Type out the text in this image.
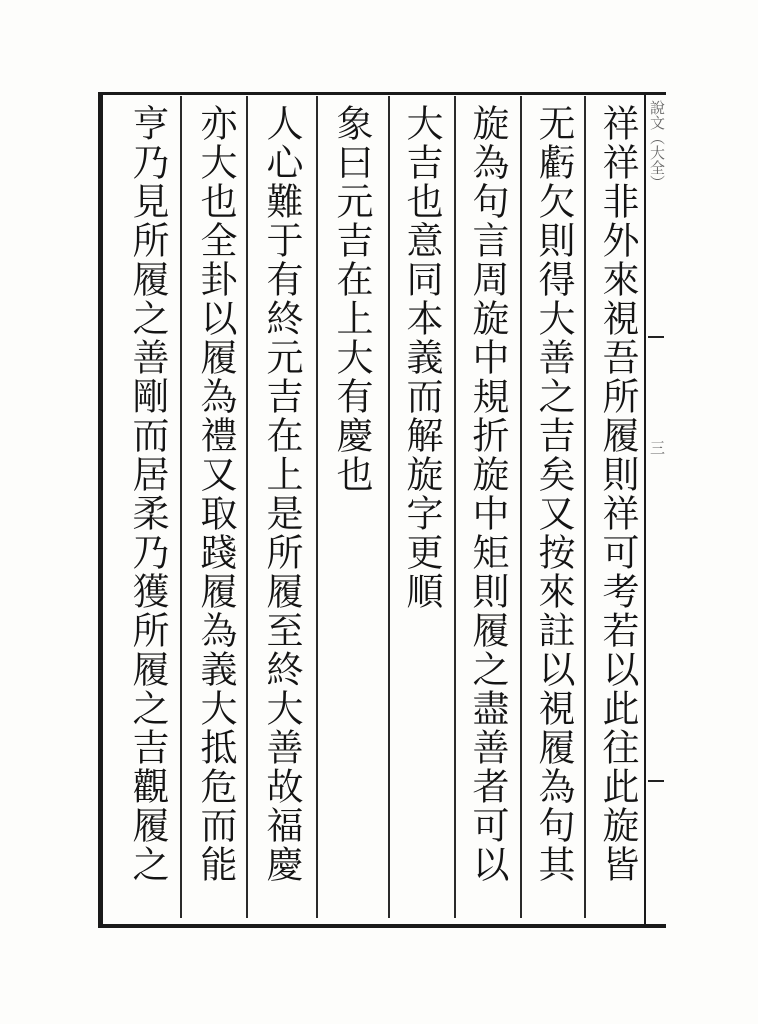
說文（大全）
三
祥祥非外來視吾所履則祥可考若以此往此旋皆
无虧欠則得大善之吉矣又按來註以視履為句其
旋為句言周旋中規折旋中矩則履之盡善者可以
大吉也意同本義而解旋字更順
象曰元吉在上大有慶也
人心難于有終元吉在上是所履至終大善故福慶
亦大也全卦以履為禮又取踐履為義大抵危而能
亨乃見所履之善剛而居柔乃獲所履之吉觀履之
